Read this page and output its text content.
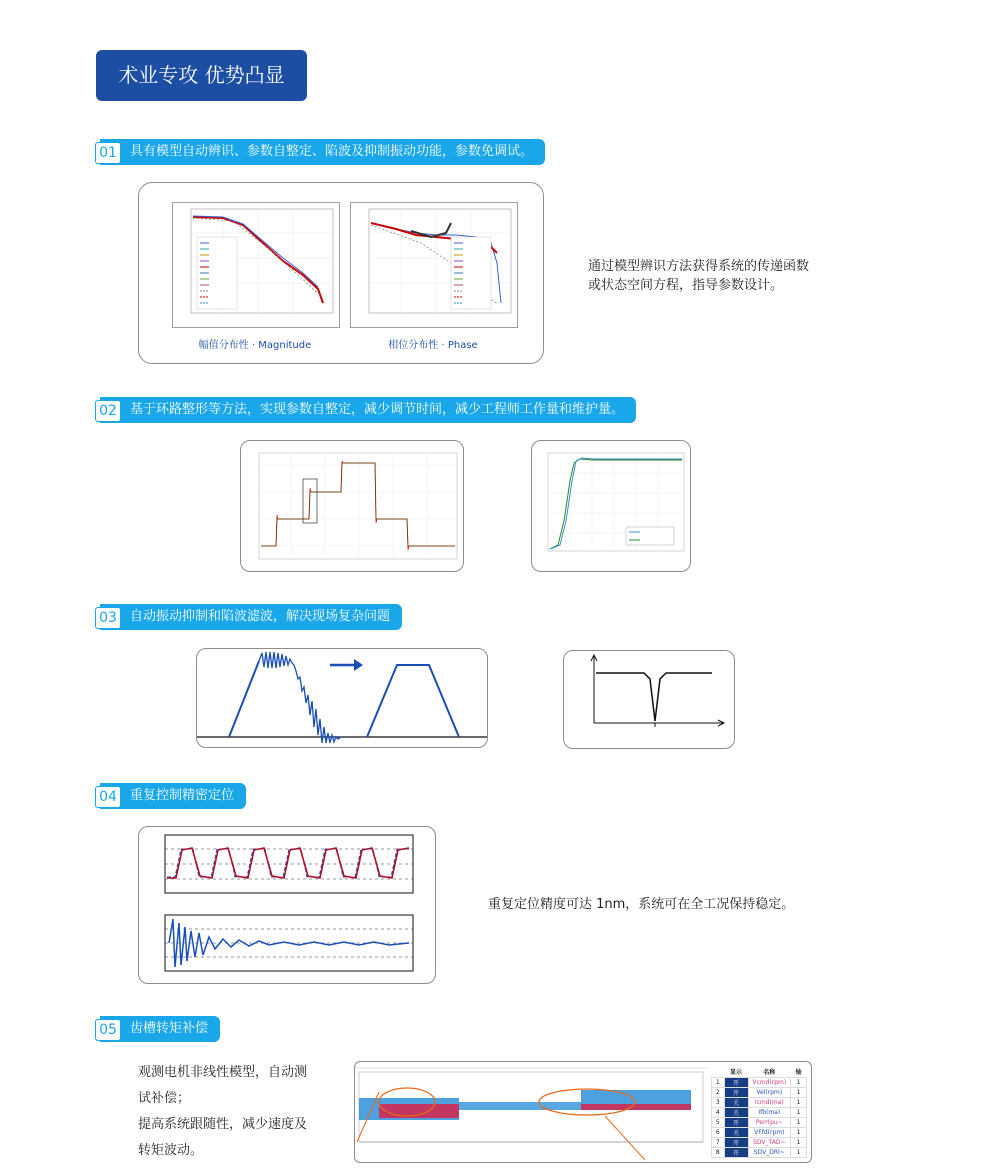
术业专攻 优势凸显
具有模型自动辨识、参数自整定、陷波及抑制振动功能，参数免调试。
01
幅值分布性 · Magnitude	相位分布性 · Phase
通过模型辨识方法获得系统的传递函数或状态空间方程，指导参数设计。
基于环路整形等方法，实现参数自整定，减少调节时间，减少工程师工作量和维护量。
02
自动振动抑制和陷波滤波，解决现场复杂问题
03
重复控制精密定位
04
重复定位精度可达 1nm，系统可在全工况保持稳定。
齿槽转矩补偿
05
观测电机非线性模型，自动测
试补偿；
提高系统跟随性，减少速度及
转矩波动。
	显示	名称	轴
1	开	Vcmd(rpm)	1
2	开	Vel(rpm)	1
3	关	Icmd(ma)	1
4	关	Ifb(ma)	1
5	开	Perr(pu~	1
6	关	VFfd(rpm)	1
7	开	SDV_TAD~	1
8	开	SDV_DRI~	1
